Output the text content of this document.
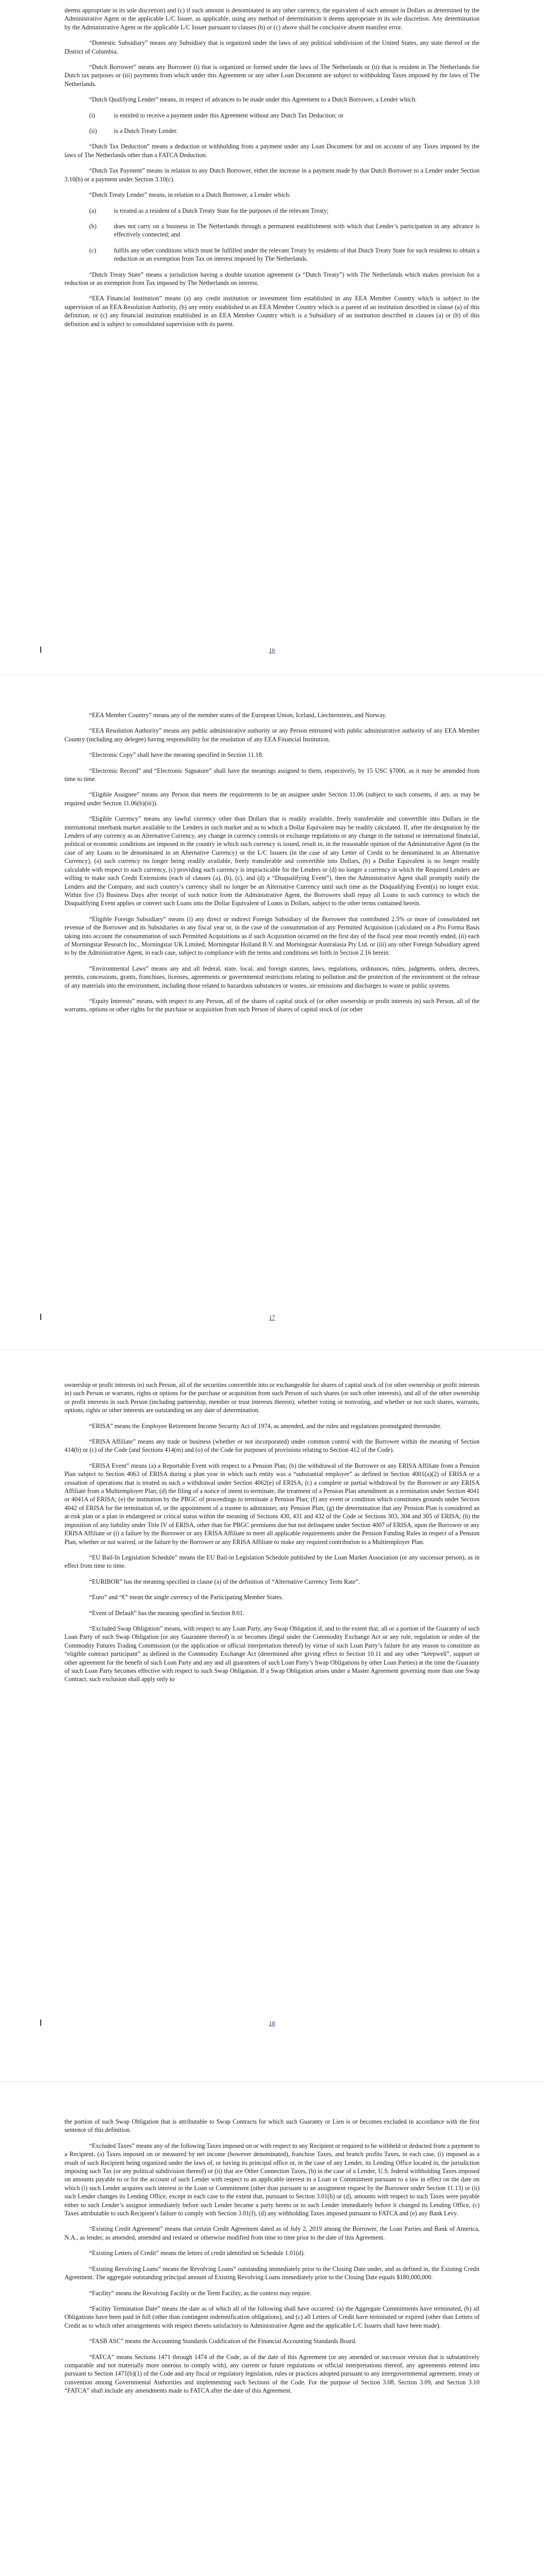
deems appropriate in its sole discretion) and (c) if such amount is denominated in any other currency, the equivalent of such amount in Dollars as determined by the Administrative Agent or the applicable L/C Issuer, as applicable, using any method of determination it deems appropriate in its sole discretion. Any determination by the Administrative Agent or the applicable L/C Issuer pursuant to clauses (b) or (c) above shall be conclusive absent manifest error.

“Domestic Subsidiary” means any Subsidiary that is organized under the laws of any political subdivision of the United States, any state thereof or the District of Columbia.

“Dutch Borrower” means any Borrower (i) that is organized or formed under the laws of The Netherlands or (ii) that is resident in The Netherlands for Dutch tax purposes or (iii) payments from which under this Agreement or any other Loan Document are subject to withholding Taxes imposed by the laws of The Netherlands.

“Dutch Qualifying Lender” means, in respect of advances to be made under this Agreement to a Dutch Borrower, a Lender which:

(i)	is entitled to receive a payment under this Agreement without any Dutch Tax Deduction; or
(ii)	is a Dutch Treaty Lender.

“Dutch Tax Deduction” means a deduction or withholding from a payment under any Loan Document for and on account of any Taxes imposed by the laws of The Netherlands other than a FATCA Deduction.

“Dutch Tax Payment” means in relation to any Dutch Borrower, either the increase in a payment made by that Dutch Borrower to a Lender under Section 3.10(b) or a payment under Section 3.10(c).

“Dutch Treaty Lender” means, in relation to a Dutch Borrower, a Lender which:

(a)	is treated as a resident of a Dutch Treaty State for the purposes of the relevant Treaty;
(b)	does not carry on a business in The Netherlands through a permanent establishment with which that Lender’s participation in any advance is effectively connected; and
(c)	fulfils any other conditions which must be fulfilled under the relevant Treaty by residents of that Dutch Treaty State for such residents to obtain a reduction or an exemption from Tax on interest imposed by The Netherlands.

“Dutch Treaty State” means a jurisdiction having a double taxation agreement (a “Dutch Treaty”) with The Netherlands which makes provision for a reduction or an exemption from Tax imposed by The Netherlands on interest.

“EEA Financial Institution” means (a) any credit institution or investment firm established in any EEA Member Country which is subject to the supervision of an EEA Resolution Authority, (b) any entity established in an EEA Member Country which is a parent of an institution described in clause (a) of this definition, or (c) any financial institution established in an EEA Member Country which is a Subsidiary of an institution described in clauses (a) or (b) of this definition and is subject to consolidated supervision with its parent.

16

“EEA Member Country” means any of the member states of the European Union, Iceland, Liechtenstein, and Norway.

“EEA Resolution Authority” means any public administrative authority or any Person entrusted with public administrative authority of any EEA Member Country (including any delegee) having responsibility for the resolution of any EEA Financial Institution.

“Electronic Copy” shall have the meaning specified in Section 11.18.

“Electronic Record” and “Electronic Signature” shall have the meanings assigned to them, respectively, by 15 USC §7006, as it may be amended from time to time.

“Eligible Assignee” means any Person that meets the requirements to be an assignee under Section 11.06 (subject to such consents, if any, as may be required under Section 11.06(b)(iii)).

“Eligible Currency” means any lawful currency other than Dollars that is readily available, freely transferable and convertible into Dollars in the international interbank market available to the Lenders in such market and as to which a Dollar Equivalent may be readily calculated. If, after the designation by the Lenders of any currency as an Alternative Currency, any change in currency controls or exchange regulations or any change in the national or international financial, political or economic conditions are imposed in the country in which such currency is issued, result in, in the reasonable opinion of the Administrative Agent (in the case of any Loans to be denominated in an Alternative Currency) or the L/C Issuers (in the case of any Letter of Credit to be denominated in an Alternative Currency), (a) such currency no longer being readily available, freely transferable and convertible into Dollars, (b) a Dollar Equivalent is no longer readily calculable with respect to such currency, (c) providing such currency is impracticable for the Lenders or (d) no longer a currency in which the Required Lenders are willing to make such Credit Extensions (each of clauses (a), (b), (c), and (d) a “Disqualifying Event”), then the Administrative Agent shall promptly notify the Lenders and the Company, and such country’s currency shall no longer be an Alternative Currency until such time as the Disqualifying Event(s) no longer exist. Within five (5) Business Days after receipt of such notice from the Administrative Agent, the Borrowers shall repay all Loans in such currency to which the Disqualifying Event applies or convert such Loans into the Dollar Equivalent of Loans in Dollars, subject to the other terms contained herein.

“Eligible Foreign Subsidiary” means (i) any direct or indirect Foreign Subsidiary of the Borrower that contributed 2.5% or more of consolidated net revenue of the Borrower and its Subsidiaries in any fiscal year or, in the case of the consummation of any Permitted Acquisition (calculated on a Pro Forma Basis taking into account the consummation of such Permitted Acquisitions as if such Acquisition occurred on the first day of the fiscal year most recently ended, (ii) each of Morningstar Research Inc., Morningstar UK Limited, Morningstar Holland B.V. and Morningstar Australasia Pty Ltd. or (iii) any other Foreign Subsidiary agreed to by the Administrative Agent, in each case, subject to compliance with the terms and conditions set forth in Section 2.16 herein.

“Environmental Laws” means any and all federal, state, local, and foreign statutes, laws, regulations, ordinances, rules, judgments, orders, decrees, permits, concessions, grants, franchises, licenses, agreements or governmental restrictions relating to pollution and the protection of the environment or the release of any materials into the environment, including those related to hazardous substances or wastes, air emissions and discharges to waste or public systems.

“Equity Interests” means, with respect to any Person, all of the shares of capital stock of (or other ownership or profit interests in) such Person, all of the warrants, options or other rights for the purchase or acquisition from such Person of shares of capital stock of (or other

17

ownership or profit interests in) such Person, all of the securities convertible into or exchangeable for shares of capital stock of (or other ownership or profit interests in) such Person or warrants, rights or options for the purchase or acquisition from such Person of such shares (or such other interests), and all of the other ownership or profit interests in such Person (including partnership, member or trust interests therein), whether voting or nonvoting, and whether or not such shares, warrants, options, rights or other interests are outstanding on any date of determination.

“ERISA” means the Employee Retirement Income Security Act of 1974, as amended, and the rules and regulations promulgated thereunder.

“ERISA Affiliate” means any trade or business (whether or not incorporated) under common control with the Borrower within the meaning of Section 414(b) or (c) of the Code (and Sections 414(m) and (o) of the Code for purposes of provisions relating to Section 412 of the Code).

“ERISA Event” means (a) a Reportable Event with respect to a Pension Plan; (b) the withdrawal of the Borrower or any ERISA Affiliate from a Pension Plan subject to Section 4063 of ERISA during a plan year in which such entity was a “substantial employer” as defined in Section 4001(a)(2) of ERISA or a cessation of operations that is treated as such a withdrawal under Section 4062(e) of ERISA; (c) a complete or partial withdrawal by the Borrower or any ERISA Affiliate from a Multiemployer Plan; (d) the filing of a notice of intent to terminate, the treatment of a Pension Plan amendment as a termination under Section 4041 or 4041A of ERISA; (e) the institution by the PBGC of proceedings to terminate a Pension Plan; (f) any event or condition which constitutes grounds under Section 4042 of ERISA for the termination of, or the appointment of a trustee to administer, any Pension Plan; (g) the determination that any Pension Plan is considered an at-risk plan or a plan in endangered or critical status within the meaning of Sections 430, 431 and 432 of the Code or Sections 303, 304 and 305 of ERISA; (h) the imposition of any liability under Title IV of ERISA, other than for PBGC premiums due but not delinquent under Section 4007 of ERISA, upon the Borrower or any ERISA Affiliate or (i) a failure by the Borrower or any ERISA Affiliate to meet all applicable requirements under the Pension Funding Rules in respect of a Pension Plan, whether or not waived, or the failure by the Borrower or any ERISA Affiliate to make any required contribution to a Multiemployer Plan.

“EU Bail-In Legislation Schedule” means the EU Bail-in Legislation Schedule published by the Loan Market Association (or any successor person), as in effect from time to time.

“EURIBOR” has the meaning specified in clause (a) of the definition of “Alternative Currency Term Rate”.

“Euro” and “€” mean the single currency of the Participating Member States.

“Event of Default” has the meaning specified in Section 8.01.

“Excluded Swap Obligation” means, with respect to any Loan Party, any Swap Obligation if, and to the extent that, all or a portion of the Guaranty of such Loan Party of such Swap Obligation (or any Guarantee thereof) is or becomes illegal under the Commodity Exchange Act or any rule, regulation or order of the Commodity Futures Trading Commission (or the application or official interpretation thereof) by virtue of such Loan Party’s failure for any reason to constitute an “eligible contract participant” as defined in the Commodity Exchange Act (determined after giving effect to Section 10.11 and any other “keepwell”, support or other agreement for the benefit of such Loan Party and any and all guarantees of such Loan Party’s Swap Obligations by other Loan Parties) at the time the Guaranty of such Loan Party becomes effective with respect to such Swap Obligation. If a Swap Obligation arises under a Master Agreement governing more than one Swap Contract, such exclusion shall apply only to

18

the portion of such Swap Obligation that is attributable to Swap Contracts for which such Guaranty or Lien is or becomes excluded in accordance with the first sentence of this definition.

“Excluded Taxes” means any of the following Taxes imposed on or with respect to any Recipient or required to be withheld or deducted from a payment to a Recipient, (a) Taxes imposed on or measured by net income (however denominated), franchise Taxes, and branch profits Taxes, in each case, (i) imposed as a result of such Recipient being organized under the laws of, or having its principal office or, in the case of any Lender, its Lending Office located in, the jurisdiction imposing such Tax (or any political subdivision thereof) or (ii) that are Other Connection Taxes, (b) in the case of a Lender, U.S. federal withholding Taxes imposed on amounts payable to or for the account of such Lender with respect to an applicable interest in a Loan or Commitment pursuant to a law in effect on the date on which (i) such Lender acquires such interest in the Loan or Commitment (other than pursuant to an assignment request by the Borrower under Section 11.13) or (ii) such Lender changes its Lending Office, except in each case to the extent that, pursuant to Section 3.01(b) or (d), amounts with respect to such Taxes were payable either to such Lender’s assignor immediately before such Lender became a party hereto or to such Lender immediately before it changed its Lending Office, (c) Taxes attributable to such Recipient’s failure to comply with Section 3.01(f), (d) any withholding Taxes imposed pursuant to FATCA and (e) any Bank Levy.

“Existing Credit Agreement” means that certain Credit Agreement dated as of July 2, 2019 among the Borrower, the Loan Parties and Bank of America, N.A., as lender, as amended, amended and restated or otherwise modified from time to time prior to the date of this Agreement.

“Existing Letters of Credit” means the letters of credit identified on Schedule 1.01(d).

“Existing Revolving Loans” means the Revolving Loans” outstanding immediately prior to the Closing Date under, and as defined in, the Existing Credit Agreement. The aggregate outstanding principal amount of Existing Revolving Loans immediately prior to the Closing Date equals $180,000,000.

“Facility” means the Revolving Facility or the Term Facility, as the context may require.

“Facility Termination Date” means the date as of which all of the following shall have occurred: (a) the Aggregate Commitments have terminated, (b) all Obligations have been paid in full (other than contingent indemnification obligations), and (c) all Letters of Credit have terminated or expired (other than Letters of Credit as to which other arrangements with respect thereto satisfactory to Administrative Agent and the applicable L/C Issuers shall have been made).

“FASB ASC” means the Accounting Standards Codification of the Financial Accounting Standards Board.

“FATCA” means Sections 1471 through 1474 of the Code, as of the date of this Agreement (or any amended or successor version that is substantively comparable and not materially more onerous to comply with), any current or future regulations or official interpretations thereof, any agreements entered into pursuant to Section 1471(b)(1) of the Code and any fiscal or regulatory legislation, rules or practices adopted pursuant to any intergovernmental agreement, treaty or convention among Governmental Authorities and implementing such Sections of the Code. For the purpose of Section 3.08, Section 3.09, and Section 3.10 “FATCA” shall include any amendments made to FATCA after the date of this Agreement.
